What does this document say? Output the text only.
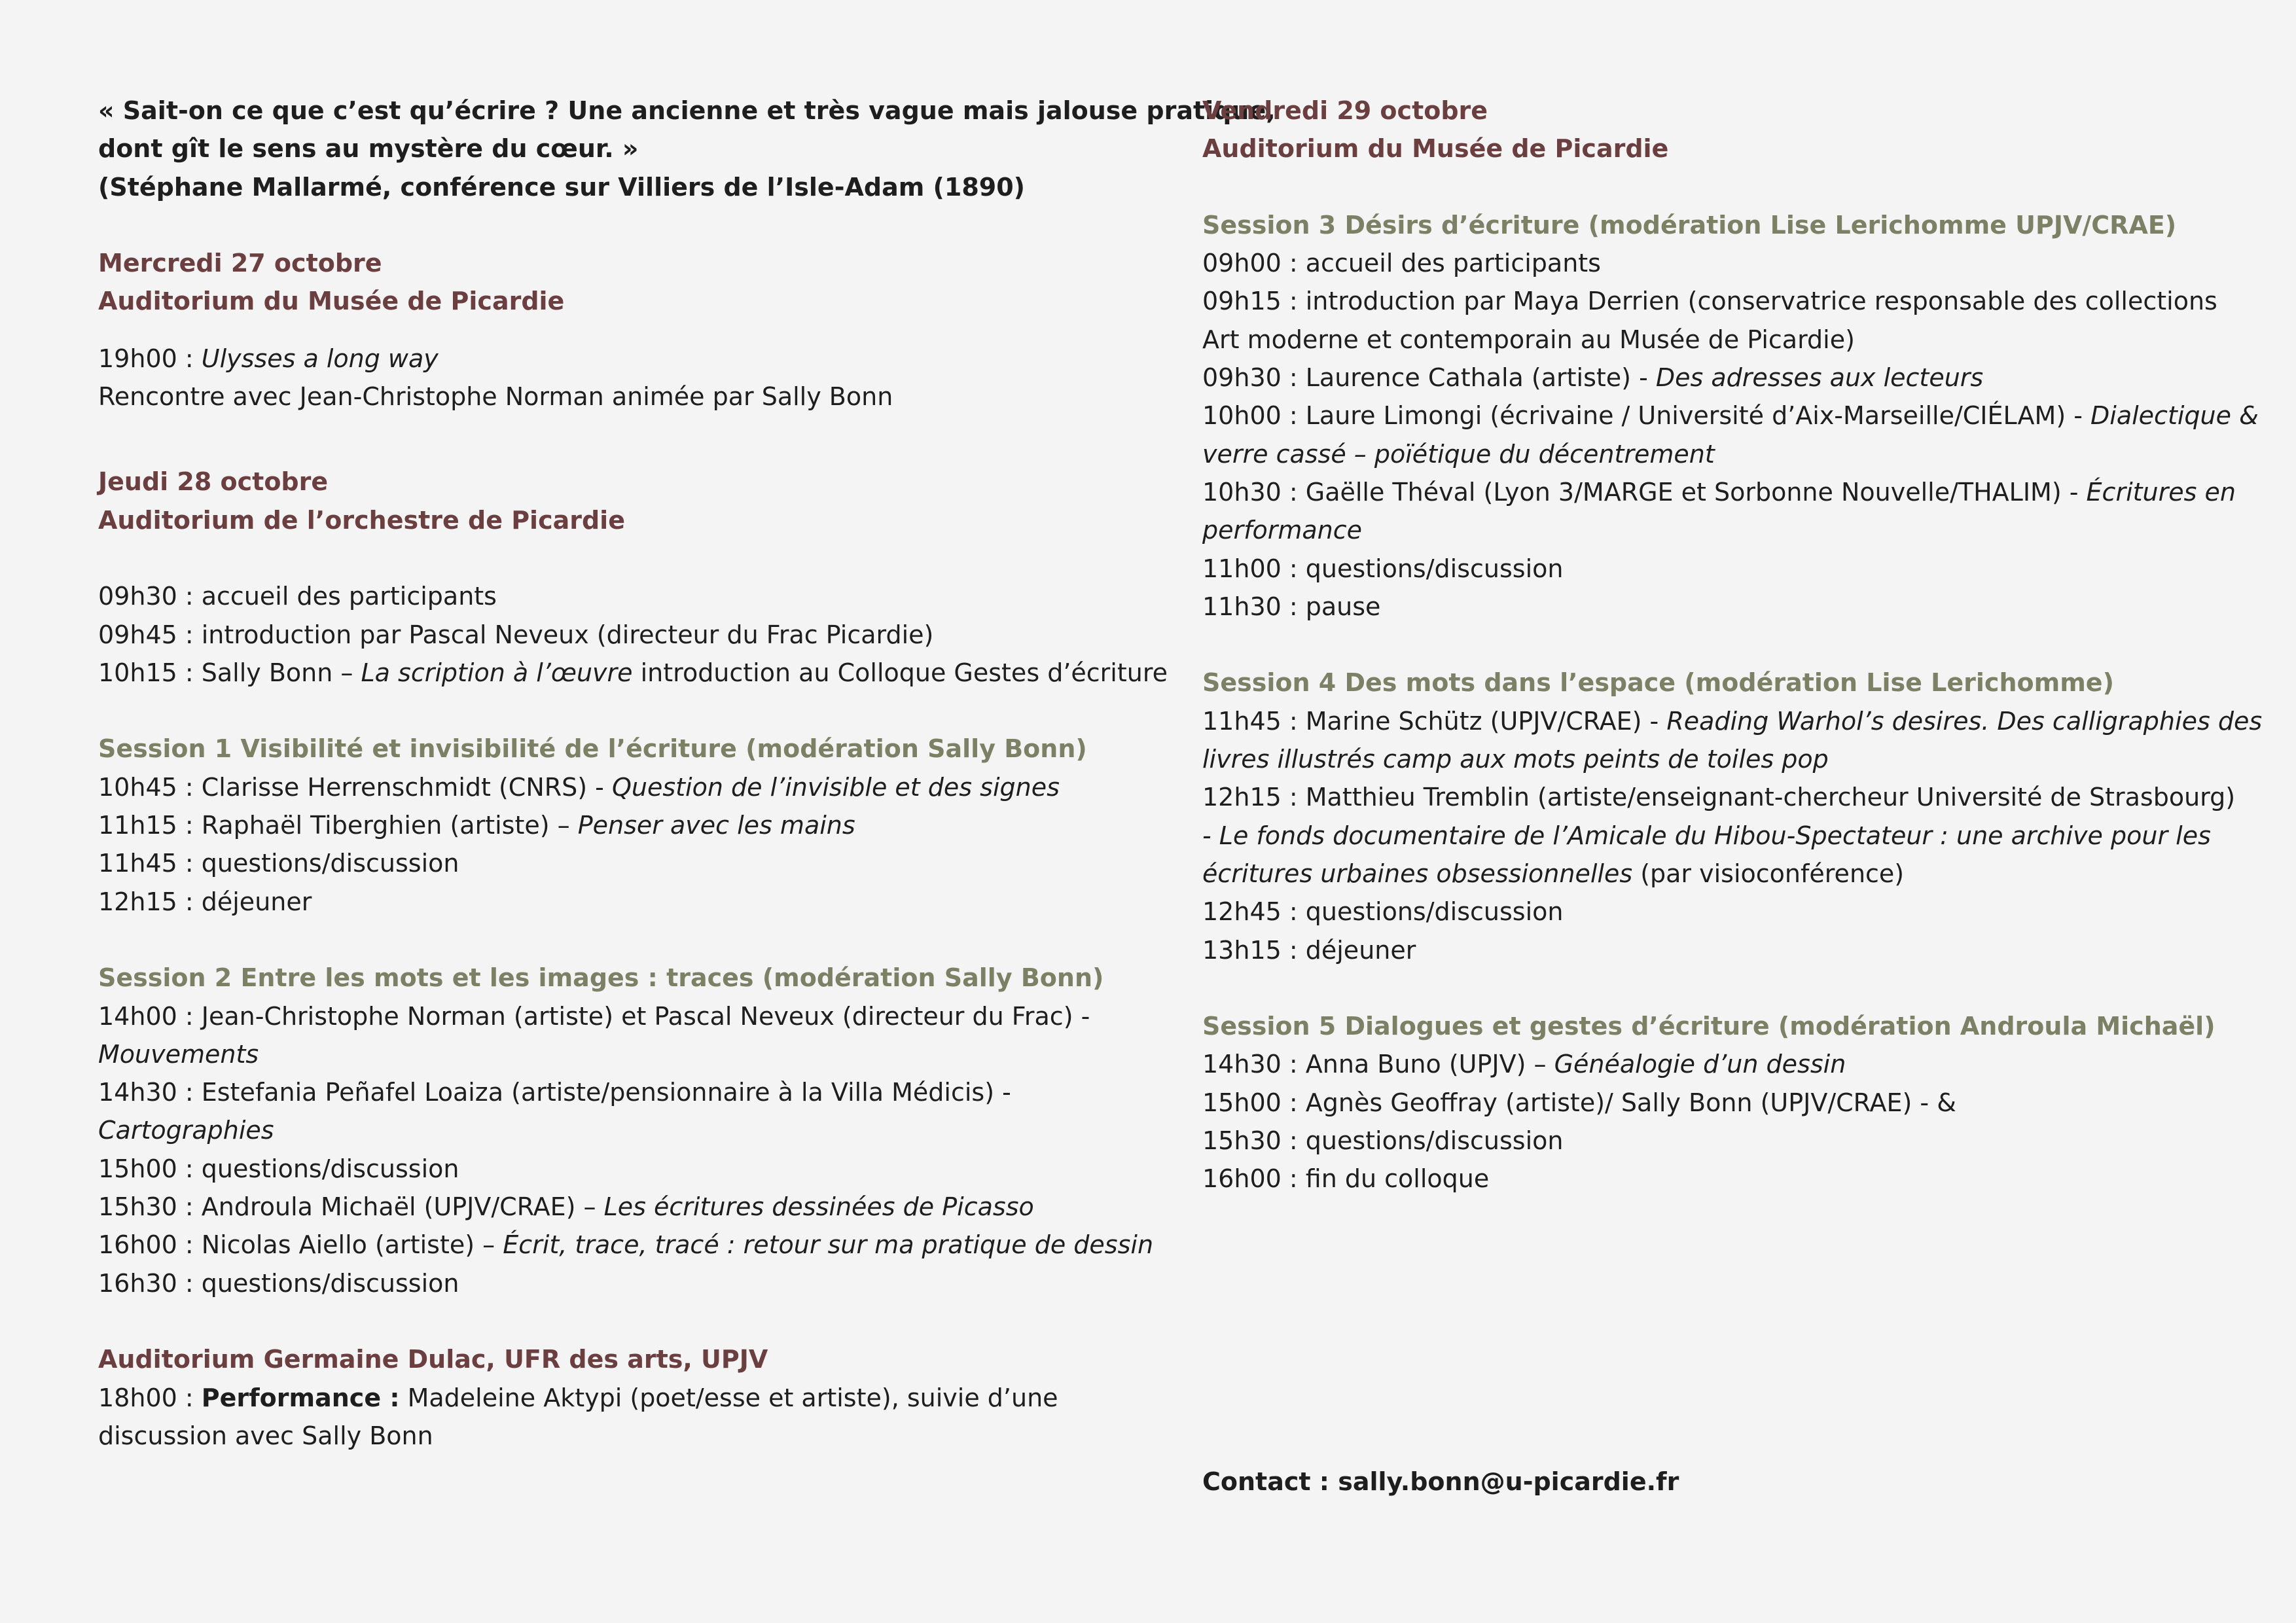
« Sait-on ce que c’est qu’écrire ? Une ancienne et très vague mais jalouse pratique,
dont gît le sens au mystère du cœur. »
(Stéphane Mallarmé, conférence sur Villiers de l’Isle-Adam (1890)
Mercredi 27 octobre
Auditorium du Musée de Picardie
19h00 : Ulysses a long way
Rencontre avec Jean-Christophe Norman animée par Sally Bonn
Jeudi 28 octobre
Auditorium de l’orchestre de Picardie
09h30 : accueil des participants
09h45 : introduction par Pascal Neveux (directeur du Frac Picardie)
10h15 : Sally Bonn – La scription à l’œuvre introduction au Colloque Gestes d’écriture
Session 1 Visibilité et invisibilité de l’écriture (modération Sally Bonn)
10h45 : Clarisse Herrenschmidt (CNRS) - Question de l’invisible et des signes
11h15 : Raphaël Tiberghien (artiste) – Penser avec les mains
11h45 : questions/discussion
12h15 : déjeuner
Session 2 Entre les mots et les images : traces (modération Sally Bonn)
14h00 : Jean-Christophe Norman (artiste) et Pascal Neveux (directeur du Frac) -
Mouvements
14h30 : Estefania Peñafel Loaiza (artiste/pensionnaire à la Villa Médicis) -
Cartographies
15h00 : questions/discussion
15h30 : Androula Michaël (UPJV/CRAE) – Les écritures dessinées de Picasso
16h00 : Nicolas Aiello (artiste) – Écrit, trace, tracé : retour sur ma pratique de dessin
16h30 : questions/discussion
Auditorium Germaine Dulac, UFR des arts, UPJV
18h00 : Performance : Madeleine Aktypi (poet/esse et artiste), suivie d’une
discussion avec Sally Bonn
Vendredi 29 octobre
Auditorium du Musée de Picardie
Session 3 Désirs d’écriture (modération Lise Lerichomme UPJV/CRAE)
09h00 : accueil des participants
09h15 : introduction par Maya Derrien (conservatrice responsable des collections
Art moderne et contemporain au Musée de Picardie)
09h30 : Laurence Cathala (artiste) - Des adresses aux lecteurs
10h00 : Laure Limongi (écrivaine / Université d’Aix-Marseille/CIÉLAM) - Dialectique &
verre cassé – poïétique du décentrement
10h30 : Gaëlle Théval (Lyon 3/MARGE et Sorbonne Nouvelle/THALIM) - Écritures en
performance
11h00 : questions/discussion
11h30 : pause
Session 4 Des mots dans l’espace (modération Lise Lerichomme)
11h45 : Marine Schütz (UPJV/CRAE) - Reading Warhol’s desires. Des calligraphies des
livres illustrés camp aux mots peints de toiles pop
12h15 : Matthieu Tremblin (artiste/enseignant-chercheur Université de Strasbourg)
- Le fonds documentaire de l’Amicale du Hibou-Spectateur : une archive pour les
écritures urbaines obsessionnelles (par visioconférence)
12h45 : questions/discussion
13h15 : déjeuner
Session 5 Dialogues et gestes d’écriture (modération Androula Michaël)
14h30 : Anna Buno (UPJV) – Généalogie d’un dessin
15h00 : Agnès Geoffray (artiste)/ Sally Bonn (UPJV/CRAE) - &
15h30 : questions/discussion
16h00 : fin du colloque
Contact : sally.bonn@u-picardie.fr
